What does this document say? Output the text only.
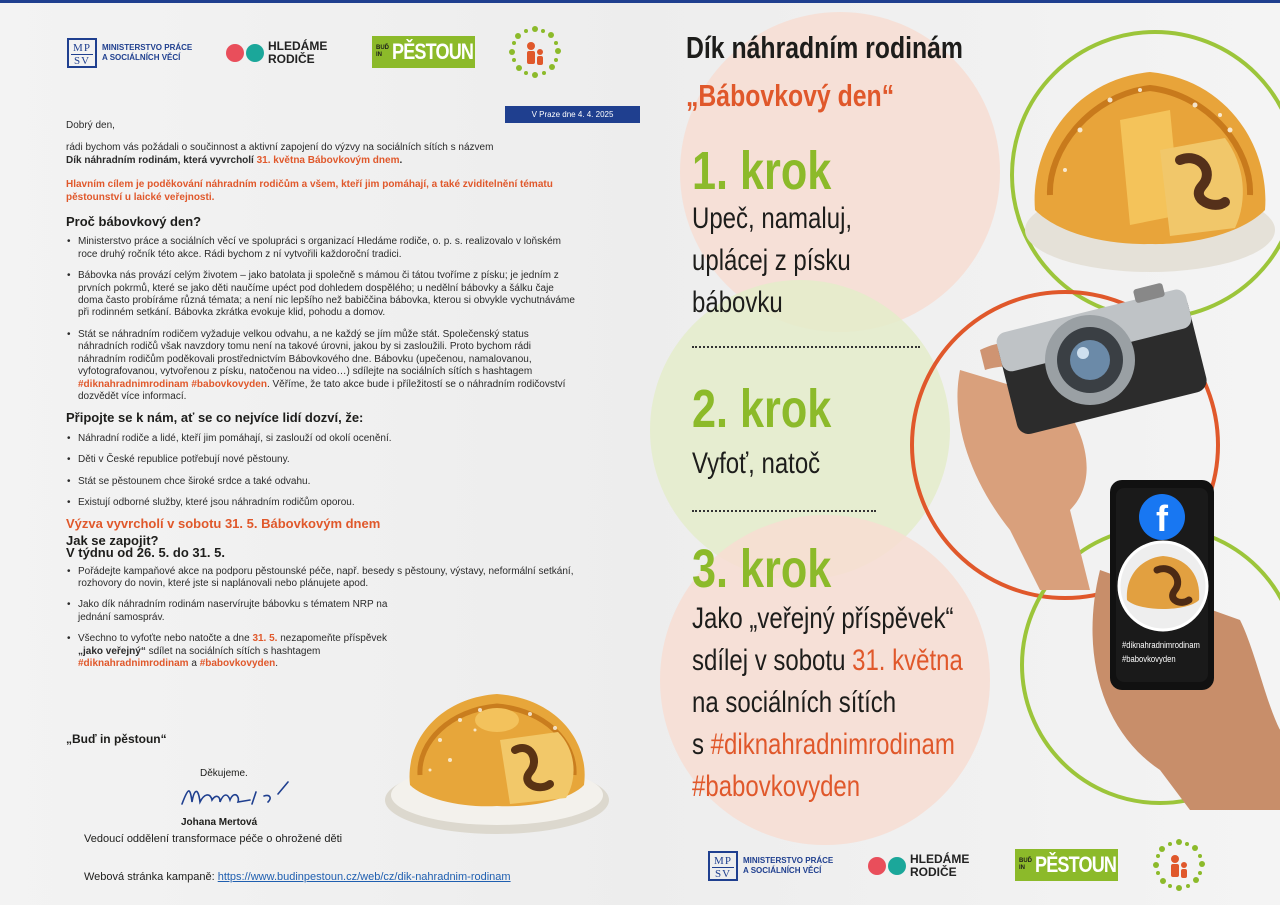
MP
SV
MINISTERSTVO PRÁCE A SOCIÁLNÍCH VĚCÍ
HLEDÁME
RODIČE
BUĎ
IN PĚSTOUN
V Praze dne 4. 4. 2025

Dobrý den,

rádi bychom vás požádali o součinnost a aktivní zapojení do výzvy na sociálních sítích s názvem
Dík náhradním rodinám, která vyvrcholí 31. května Bábovkovým dnem.

Hlavním cílem je poděkování náhradním rodičům a všem, kteří jim pomáhají, a také zviditelnění tématu pěstounství u laické veřejnosti.

Proč bábovkový den?
• Ministerstvo práce a sociálních věcí ve spolupráci s organizací Hledáme rodiče, o. p. s. realizovalo v loňském roce druhý ročník této akce. Rádi bychom z ní vytvořili každoroční tradici.
• Bábovka nás provází celým životem – jako batolata ji společně s mámou či tátou tvoříme z písku; je jedním z prvních pokrmů, které se jako děti naučíme upéct pod dohledem dospělého; u nedělní bábovky a šálku čaje doma často probíráme různá témata; a není nic lepšího než babiččina bábovka, kterou si obvykle vychutnáváme při rodinném setkání. Bábovka zkrátka evokuje klid, pohodu a domov.
• Stát se náhradním rodičem vyžaduje velkou odvahu, a ne každý se jím může stát. Společenský status náhradních rodičů však navzdory tomu není na takové úrovni, jakou by si zasloužili. Proto bychom rádi náhradním rodičům poděkovali prostřednictvím Bábovkového dne. Bábovku (upečenou, namalovanou, vyfotografovanou, vytvořenou z písku, natočenou na video…) sdílejte na sociálních sítích s hashtagem #diknahradnimrodinam #babovkovyden. Věříme, že tato akce bude i příležitostí se o náhradním rodičovství dozvědět více informací.
Připojte se k nám, ať se co nejvíce lidí dozví, že:
• Náhradní rodiče a lidé, kteří jim pomáhají, si zaslouží od okolí ocenění.
• Děti v České republice potřebují nové pěstouny.
• Stát se pěstounem chce široké srdce a také odvahu.
• Existují odborné služby, které jsou náhradním rodičům oporou.
Výzva vyvrcholí v sobotu 31. 5. Bábovkovým dnem
Jak se zapojit?
V týdnu od 26. 5. do 31. 5.
• Pořádejte kampaňové akce na podporu pěstounské péče, např. besedy s pěstouny, výstavy, neformální setkání, rozhovory do novin, které jste si naplánovali nebo plánujete apod.
• Jako dík náhradním rodinám naservírujte bábovku s tématem NRP na jednání samospráv.
• Všechno to vyfoťte nebo natočte a dne 31. 5. nezapomeňte příspěvek „jako veřejný“ sdílet na sociálních sítích s hashtagem
#diknahradnimrodinam a #babovkovyden.
„Buď in pěstoun“
Děkujeme.
Johana Mertová
Vedoucí oddělení transformace péče o ohrožené děti
Webová stránka kampaně: https://www.budinpestoun.cz/web/cz/dik-nahradnim-rodinam
Dík náhradním rodinám
„Bábovkový den“
1. krok
Upeč, namaluj,
uplácej z písku
bábovku
2. krok
Vyfoť, natoč
3. krok
Jako „veřejný příspěvek“
sdílej v sobotu 31. května
na sociálních sítích
s #diknahradnimrodinam
#babovkovyden
f
#diknahradnimrodinam
#babovkovyden
MP
SV
MINISTERSTVO PRÁCE A SOCIÁLNÍCH VĚCÍ
HLEDÁME
RODIČE
BUĎ
IN PĚSTOUN
